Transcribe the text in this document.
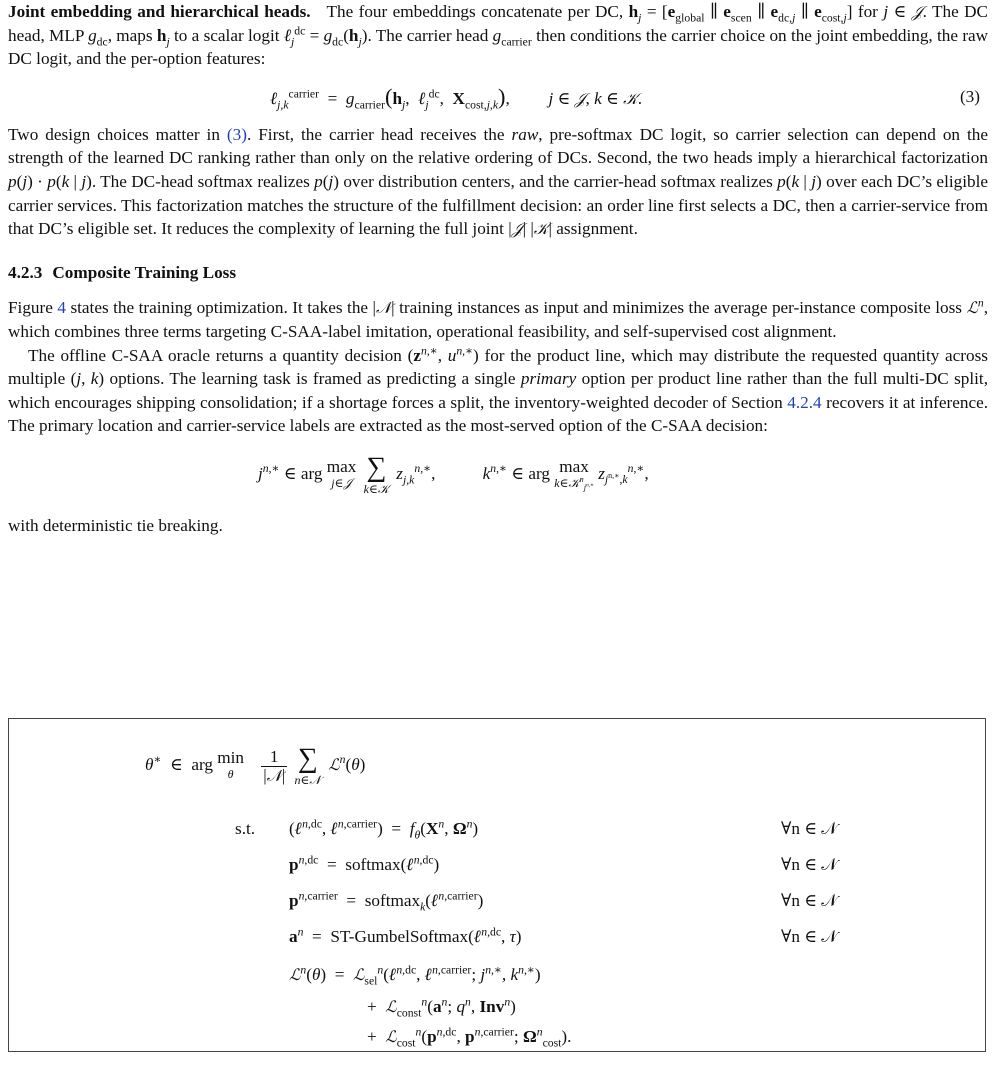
Joint embedding and hierarchical heads. The four embeddings concatenate per DC, $h_j = [e_{global}$ ∥ $e_{scen}$ ∥ $e_{dc,j}$ ∥ $e_{cost,j}$] for j ∈ 𝒥. The DC head, MLP $g_{dc}$, maps $h_j$ to a scalar logit ℓ$_j^{dc}$ = $g_{dc}(h_j)$. The carrier head $g_{carrier}$ then conditions the carrier choice on the joint embedding, the raw DC logit, and the per-option features:

ℓ$_{j,k}^{carrier}$  =  $g_{carrier}(h_j$,  ℓ$_j^{dc}$,  $X_{cost,j,k}$),         j ∈ 𝒥, k ∈ 𝒦.	(3)

Two design choices matter in (3). First, the carrier head receives the raw, pre-softmax DC logit, so carrier selection can depend on the strength of the learned DC ranking rather than only on the relative ordering of DCs. Second, the two heads imply a hierarchical factorization p(j) · p(k | j). The DC-head softmax realizes p(j) over distribution centers, and the carrier-head softmax realizes p(k | j) over each DC’s eligible carrier services. This factorization matches the structure of the fulfillment decision: an order line first selects a DC, then a carrier-service from that DC’s eligible set. It reduces the complexity of learning the full joint |𝒥| |𝒦| assignment.

4.2.3 Composite Training Loss

Figure 4 states the training optimization. It takes the |𝒩| training instances as input and minimizes the average per-instance composite loss ℒ$^n$, which combines three terms targeting C-SAA-label imitation, operational feasibility, and self-supervised cost alignment.

The offline C-SAA oracle returns a quantity decision ($z^{n,∗}$, $u^{n,∗}$) for the product line, which may distribute the requested quantity across multiple (j, k) options. The learning task is framed as predicting a single primary option per product line rather than the full multi-DC split, which encourages shipping consolidation; if a shortage forces a split, the inventory-weighted decoder of Section 4.2.4 recovers it at inference. The primary location and carrier-service labels are extracted as the most-served option of the C-SAA decision:

$j^{n,∗}$ ∈ arg max
j∈𝒥
∑
k∈𝒦
$z_{j,k}^{n,∗}$,           $k^{n,∗}$ ∈ arg max
k∈𝒦$^n_{j^{n,∗}}$
$z_{j^{n,∗},k}^{n,∗}$,

with deterministic tie breaking.

θ∗  ∈  arg min
θ
	$\frac{1}{\text{|𝒩|}}$
∑
n∈𝒩
ℒ$^n$(θ)
s.t. (ℓ$^{n,dc}$, ℓ$^{n,carrier}$)  =  $f_\theta(X^n$, $\Omega^n$)	∀n ∈ 𝒩
$p^{n,dc}$  =  softmax(ℓ$^{n,dc}$)	∀n ∈ 𝒩
$p^{n,carrier}$  =  softmax$_k$(ℓ$^{n,carrier}$)	∀n ∈ 𝒩
$a^n$  =  ST-GumbelSoftmax(ℓ$^{n,dc}$, τ)	∀n ∈ 𝒩
ℒ$^n$(θ)  =  ℒ$_{sel}^n$(ℓ$^{n,dc}$, ℓ$^{n,carrier}$; $j^{n,∗}$, $k^{n,∗}$)
+  $ℒ_{const}^n(a^n$; $q^n$, Inv$^n$)
+  $ℒ_{cost}^n(p^{n,dc}$, $p^{n,carrier}$; $\Omega^n_{cost}$).
